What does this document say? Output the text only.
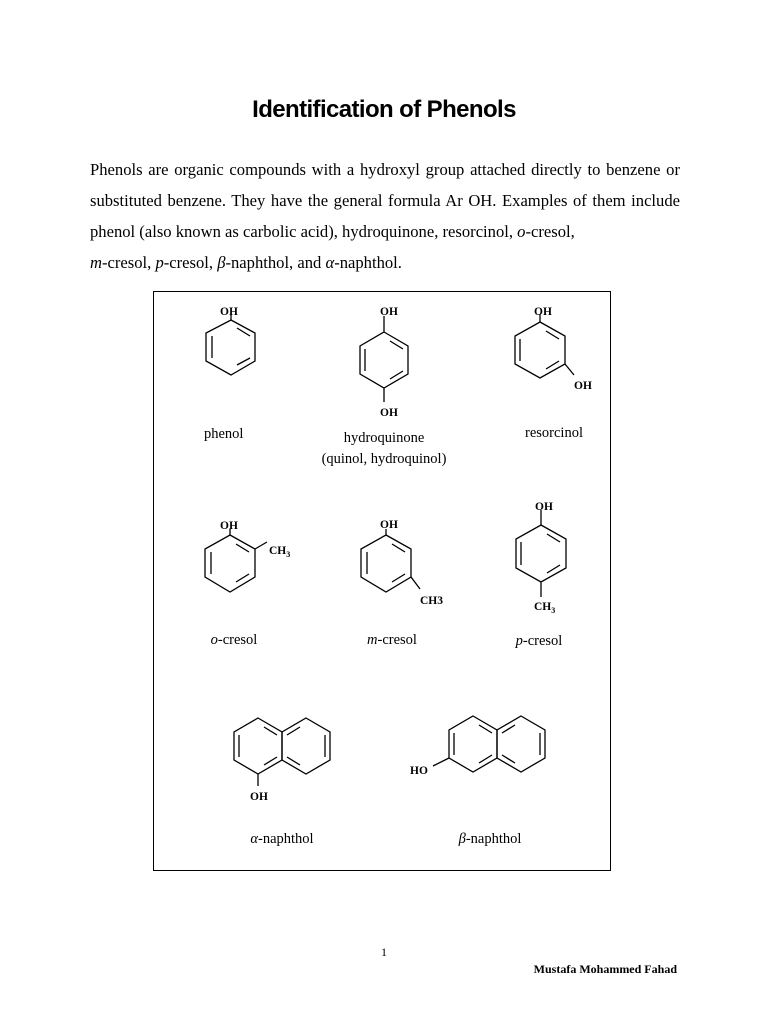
Identification of Phenols

Phenols are organic compounds with a hydroxyl group attached directly to benzene or substituted benzene. They have the general formula Ar OH. Examples of them include phenol (also known as carbolic acid), hydroquinone, resorcinol, o-cresol,
m-cresol, p-cresol, β-naphthol, and α-naphthol.

OH
phenol
OH
OH
hydroquinone
(quinol, hydroquinol)
OH
OH
resorcinol
OH
$CH_3$
o-cresol
OH
CH3
m-cresol
OH
$CH_3$
p-cresol
OH
α-naphthol
HO
β-naphthol
1
Mustafa Mohammed Fahad
